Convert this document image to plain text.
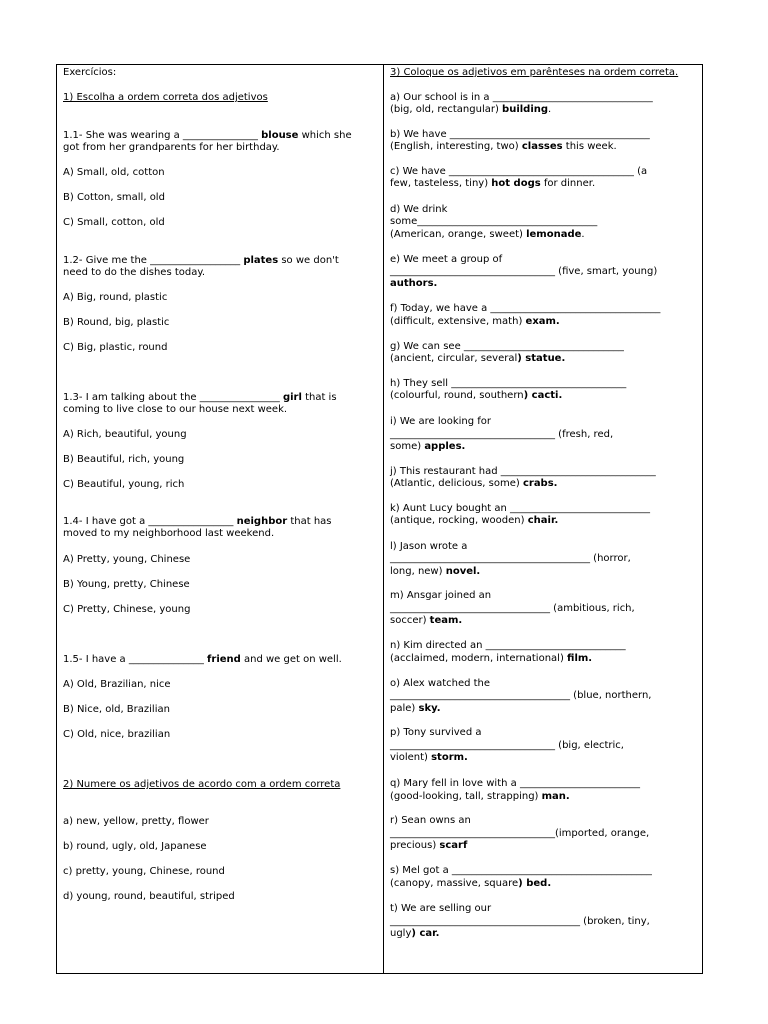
Exercícios:
1) Escolha a ordem correta dos adjetivos
1.1- She was wearing a _______________ blouse which she
got from her grandparents for her birthday.
A) Small, old, cotton
B) Cotton, small, old
C) Small, cotton, old
1.2- Give me the __________________ plates so we don't
need to do the dishes today.
A) Big, round, plastic
B) Round, big, plastic
C) Big, plastic, round
1.3- I am talking about the ________________ girl that is
coming to live close to our house next week.
A) Rich, beautiful, young
B) Beautiful, rich, young
C) Beautiful, young, rich
1.4- I have got a _________________ neighbor that has
moved to my neighborhood last weekend.
A) Pretty, young, Chinese
B) Young, pretty, Chinese
C) Pretty, Chinese, young
1.5- I have a _______________ friend and we get on well.
A) Old, Brazilian, nice
B) Nice, old, Brazilian
C) Old, nice, brazilian
2) Numere os adjetivos de acordo com a ordem correta
a) new, yellow, pretty, flower
b) round, ugly, old, Japanese
c) pretty, young, Chinese, round
d) young, round, beautiful, striped
3) Coloque os adjetivos em parênteses na ordem correta.
a) Our school is in a ________________________________
(big, old, rectangular) building.
b) We have ________________________________________
(English, interesting, two) classes this week.
c) We have _____________________________________ (a
few, tasteless, tiny) hot dogs for dinner.
d) We drink
some____________________________________
(American, orange, sweet) lemonade.
e) We meet a group of
_________________________________ (five, smart, young)
authors.
f) Today, we have a __________________________________
(difficult, extensive, math) exam.
g) We can see ________________________________
(ancient, circular, several) statue.
h) They sell ___________________________________
(colourful, round, southern) cacti.
i) We are looking for
_________________________________ (fresh, red,
some) apples.
j) This restaurant had _______________________________
(Atlantic, delicious, some) crabs.
k) Aunt Lucy bought an ____________________________
(antique, rocking, wooden) chair.
l) Jason wrote a
________________________________________ (horror,
long, new) novel.
m) Ansgar joined an
________________________________ (ambitious, rich,
soccer) team.
n) Kim directed an ____________________________
(acclaimed, modern, international) film.
o) Alex watched the
____________________________________ (blue, northern,
pale) sky.
p) Tony survived a
_________________________________ (big, electric,
violent) storm.
q) Mary fell in love with a ________________________
(good-looking, tall, strapping) man.
r) Sean owns an
_________________________________(imported, orange,
precious) scarf
s) Mel got a ________________________________________
(canopy, massive, square) bed.
t) We are selling our
______________________________________ (broken, tiny,
ugly) car.
